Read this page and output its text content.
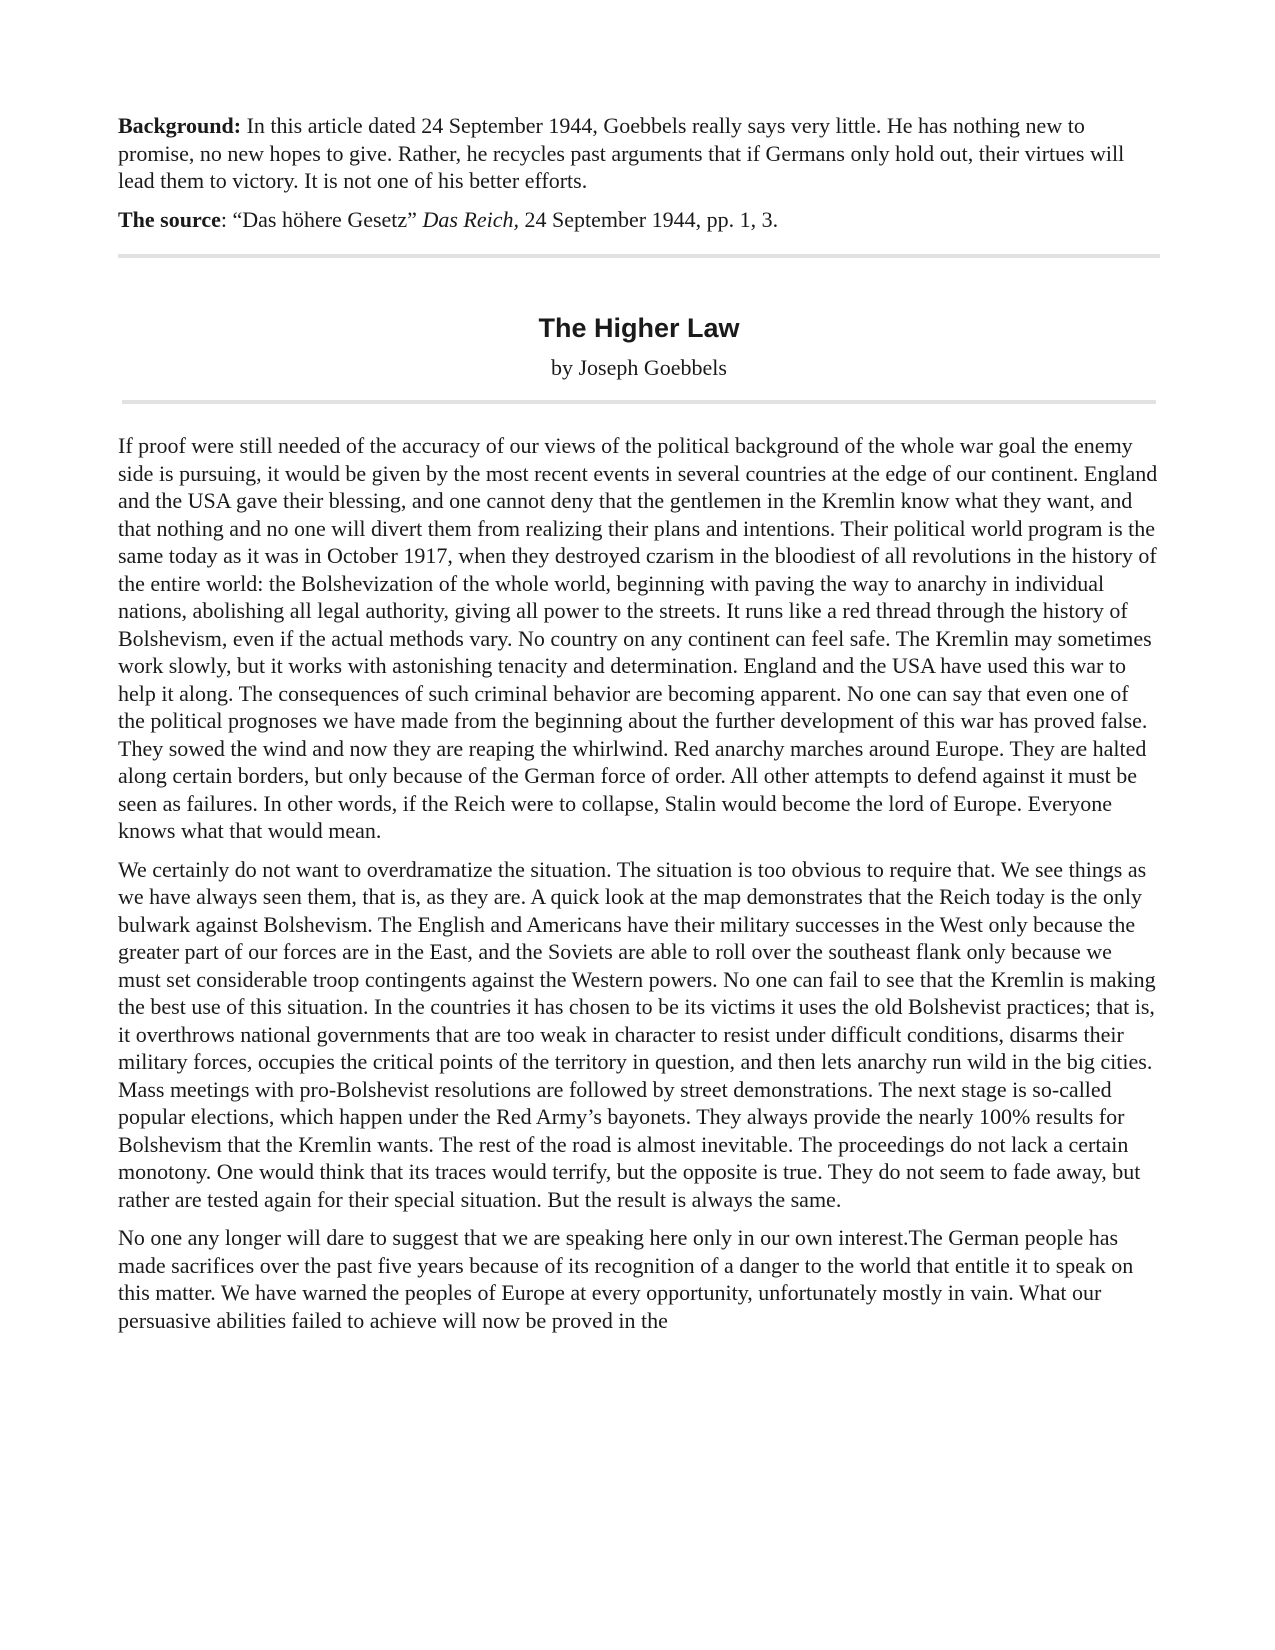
Background: In this article dated 24 September 1944, Goebbels really says very little. He has nothing new to promise, no new hopes to give. Rather, he recycles past arguments that if Germans only hold out, their virtues will lead them to victory. It is not one of his better efforts.

The source: “Das höhere Gesetz” Das Reich, 24 September 1944, pp. 1, 3.

The Higher Law

by Joseph Goebbels

If proof were still needed of the accuracy of our views of the political background of the whole war goal the enemy side is pursuing, it would be given by the most recent events in several countries at the edge of our continent. England and the USA gave their blessing, and one cannot deny that the gentlemen in the Kremlin know what they want, and that nothing and no one will divert them from realizing their plans and intentions. Their political world program is the same today as it was in October 1917, when they destroyed czarism in the bloodiest of all revolutions in the history of the entire world: the Bolshevization of the whole world, beginning with paving the way to anarchy in individual nations, abolishing all legal authority, giving all power to the streets. It runs like a red thread through the history of Bolshevism, even if the actual methods vary. No country on any continent can feel safe. The Kremlin may sometimes work slowly, but it works with astonishing tenacity and determination. England and the USA have used this war to help it along. The consequences of such criminal behavior are becoming apparent. No one can say that even one of the political prognoses we have made from the beginning about the further development of this war has proved false. They sowed the wind and now they are reaping the whirlwind. Red anarchy marches around Europe. They are halted along certain borders, but only because of the German force of order. All other attempts to defend against it must be seen as failures. In other words, if the Reich were to collapse, Stalin would become the lord of Europe. Everyone knows what that would mean.

We certainly do not want to overdramatize the situation. The situation is too obvious to require that. We see things as we have always seen them, that is, as they are. A quick look at the map demonstrates that the Reich today is the only bulwark against Bolshevism. The English and Americans have their military successes in the West only because the greater part of our forces are in the East, and the Soviets are able to roll over the southeast flank only because we must set considerable troop contingents against the Western powers. No one can fail to see that the Kremlin is making the best use of this situation. In the countries it has chosen to be its victims it uses the old Bolshevist practices; that is, it overthrows national governments that are too weak in character to resist under difficult conditions, disarms their military forces, occupies the critical points of the territory in question, and then lets anarchy run wild in the big cities. Mass meetings with pro-Bolshevist resolutions are followed by street demonstrations. The next stage is so-called popular elections, which happen under the Red Army’s bayonets. They always provide the nearly 100% results for Bolshevism that the Kremlin wants. The rest of the road is almost inevitable. The proceedings do not lack a certain monotony. One would think that its traces would terrify, but the opposite is true. They do not seem to fade away, but rather are tested again for their special situation. But the result is always the same.

No one any longer will dare to suggest that we are speaking here only in our own interest.The German people has made sacrifices over the past five years because of its recognition of a danger to the world that entitle it to speak on this matter. We have warned the peoples of Europe at every opportunity, unfortunately mostly in vain. What our persuasive abilities failed to achieve will now be proved in the
